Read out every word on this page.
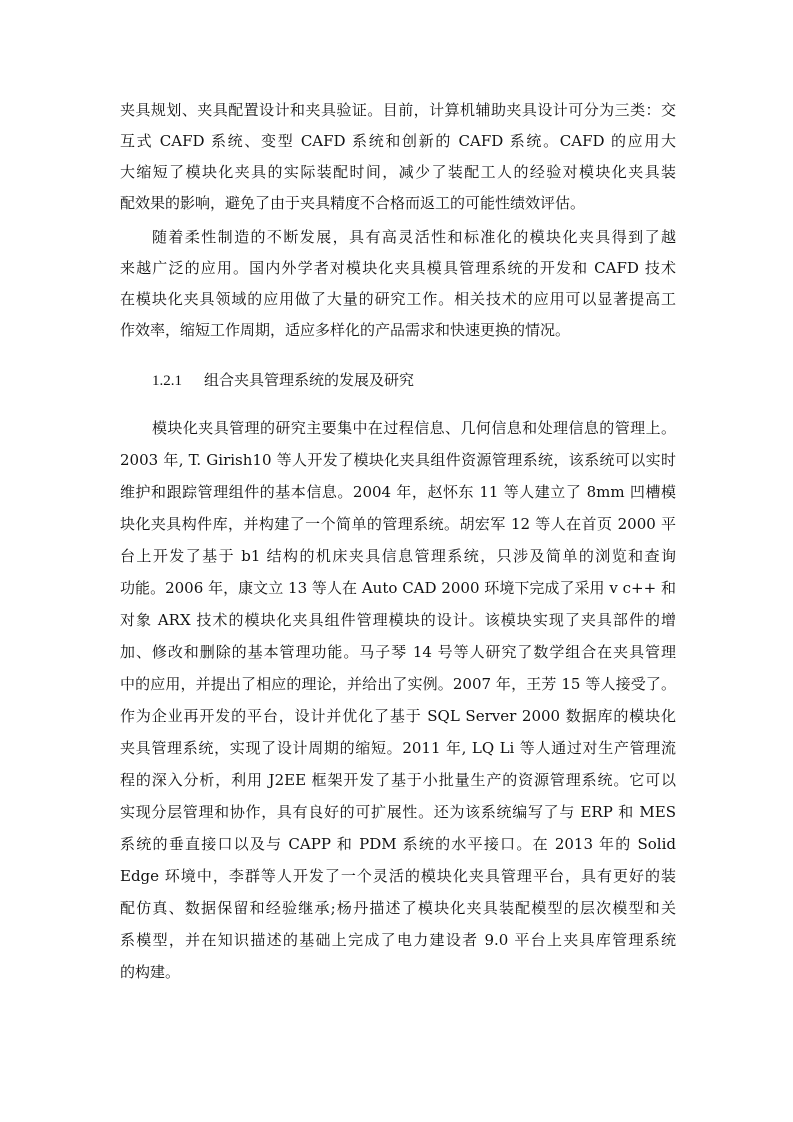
夹具规划、夹具配置设计和夹具验证。目前，计算机辅助夹具设计可分为三类：交
互式 CAFD 系统、变型 CAFD 系统和创新的 CAFD 系统。CAFD 的应用大
大缩短了模块化夹具的实际装配时间，减少了装配工人的经验对模块化夹具装
配效果的影响，避免了由于夹具精度不合格而返工的可能性绩效评估。
随着柔性制造的不断发展，具有高灵活性和标准化的模块化夹具得到了越
来越广泛的应用。国内外学者对模块化夹具模具管理系统的开发和 CAFD 技术
在模块化夹具领域的应用做了大量的研究工作。相关技术的应用可以显著提高工
作效率，缩短工作周期，适应多样化的产品需求和快速更换的情况。
1.2.1 组合夹具管理系统的发展及研究
模块化夹具管理的研究主要集中在过程信息、几何信息和处理信息的管理上。
2003 年, T. Girish10 等人开发了模块化夹具组件资源管理系统，该系统可以实时
维护和跟踪管理组件的基本信息。2004 年，赵怀东 11 等人建立了 8mm 凹槽模
块化夹具构件库，并构建了一个简单的管理系统。胡宏军 12 等人在首页 2000 平
台上开发了基于 b1 结构的机床夹具信息管理系统，只涉及简单的浏览和查询
功能。2006 年，康文立 13 等人在 Auto CAD 2000 环境下完成了采用 v c++ 和
对象 ARX 技术的模块化夹具组件管理模块的设计。该模块实现了夹具部件的增
加、修改和删除的基本管理功能。马子琴 14 号等人研究了数学组合在夹具管理
中的应用，并提出了相应的理论，并给出了实例。2007 年，王芳 15 等人接受了。
作为企业再开发的平台，设计并优化了基于 SQL Server 2000 数据库的模块化
夹具管理系统，实现了设计周期的缩短。2011 年, LQ Li 等人通过对生产管理流
程的深入分析，利用 J2EE 框架开发了基于小批量生产的资源管理系统。它可以
实现分层管理和协作，具有良好的可扩展性。还为该系统编写了与 ERP 和 MES
系统的垂直接口以及与 CAPP 和 PDM 系统的水平接口。在 2013 年的 Solid
Edge 环境中，李群等人开发了一个灵活的模块化夹具管理平台，具有更好的装
配仿真、数据保留和经验继承;杨丹描述了模块化夹具装配模型的层次模型和关
系模型，并在知识描述的基础上完成了电力建设者 9.0 平台上夹具库管理系统
的构建。
